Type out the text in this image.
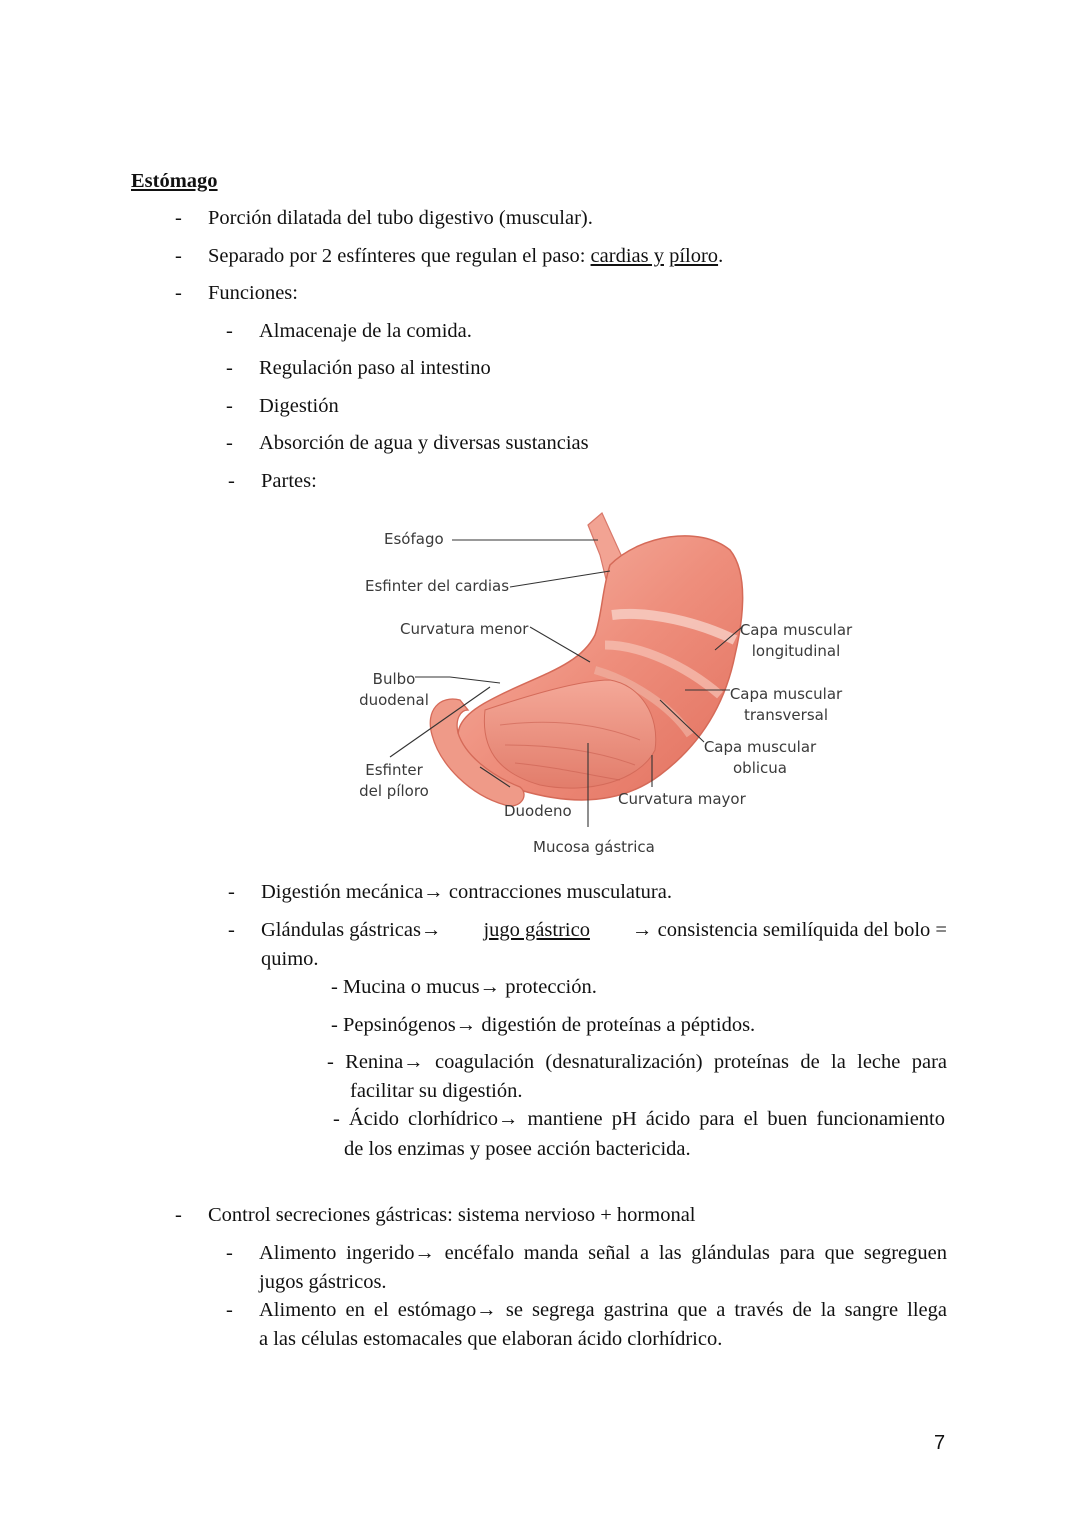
Estómago
- Porción dilatada del tubo digestivo (muscular).
- Separado por 2 esfínteres que regulan el paso: cardias y píloro.
- Funciones:
- Almacenaje de la comida.
- Regulación paso al intestino
- Digestión
- Absorción de agua y diversas sustancias
- Partes:
Esófago
Esfinter del cardias
Curvatura menor
Bulbo
duodenal
Esfinter
del píloro
Duodeno
Mucosa gástrica
Curvatura mayor
Capa muscular
longitudinal
Capa muscular
transversal
Capa muscular
oblicua
- Digestión mecánica→ contracciones musculatura.
- Glándulas gástricas→ jugo gástrico → consistencia semilíquida del bolo =
quimo.
- Mucina o mucus→ protección.
- Pepsinógenos→ digestión de proteínas a péptidos.
- Renina→ coagulación (desnaturalización) proteínas de la leche para
facilitar su digestión.
- Ácido clorhídrico→ mantiene pH ácido para el buen funcionamiento
de los enzimas y posee acción bactericida.
- Control secreciones gástricas: sistema nervioso + hormonal
- Alimento ingerido→ encéfalo manda señal a las glándulas para que segreguen
jugos gástricos.
- Alimento en el estómago→ se segrega gastrina que a través de la sangre llega
a las células estomacales que elaboran ácido clorhídrico.
7
